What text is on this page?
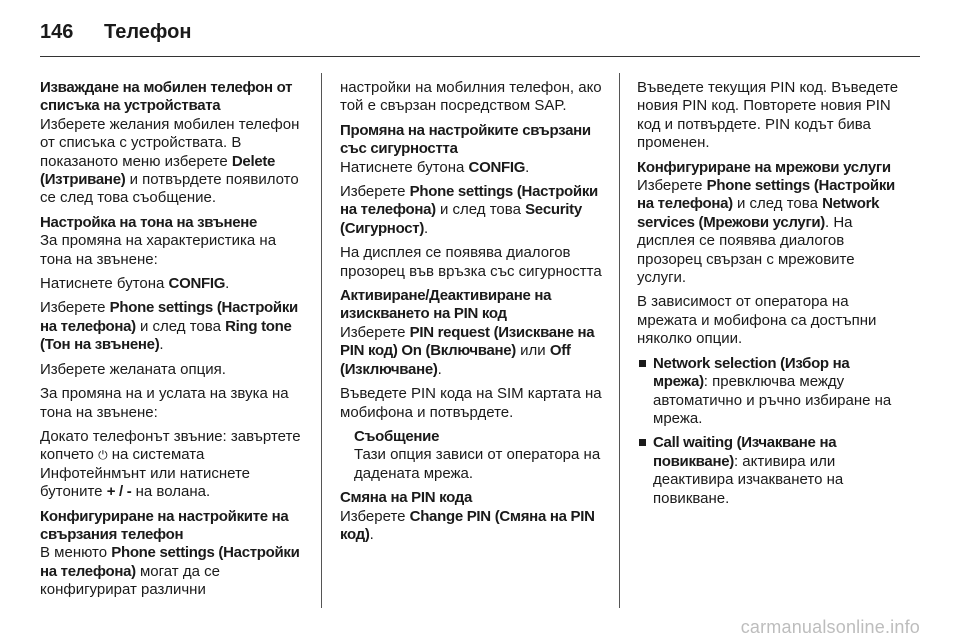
146	Телефон
Изваждане на мобилен телефон от списъка на устройствата

Изберете желания мобилен телефон от списъка с устройствата. В показаното меню изберете Delete (Изтриване) и потвърдете появилото се след това съобщение.

Настройка на тона на звънене

За промяна на характеристика на тона на звънене:

Натиснете бутона CONFIG.

Изберете Phone settings (Настройки на телефона) и след това Ring tone (Тон на звънене).

Изберете желаната опция.

За промяна на и услата на звука на тона на звънене:

Докато телефонът звъние: завъртете копчето ⏻ на системата Инфотейнмънт или натиснете бутоните + / - на волана.

Конфигуриране на настройките на свързания телефон

В менюто Phone settings (Настройки на телефона) могат да се конфигурират различни

настройки на мобилния телефон, ако той е свързан посредством SAP.

Промяна на настройките свързани със сигурността

Натиснете бутона CONFIG.

Изберете Phone settings (Настройки на телефона) и след това Security (Сигурност).

На дисплея се появява диалогов прозорец във връзка със сигурността

Активиране/Деактивиране на изискването на PIN код

Изберете PIN request (Изискване на PIN код) On (Включване) или Off (Изключване).

Въведете PIN кода на SIM картата на мобифона и потвърдете.

Съобщение
Тази опция зависи от оператора на дадената мрежа.
Смяна на PIN кода

Изберете Change PIN (Смяна на PIN код).

Въведете текущия PIN код. Въведете новия PIN код. Повторете новия PIN код и потвърдете. PIN кодът бива променен.

Конфигуриране на мрежови услуги

Изберете Phone settings (Настройки на телефона) и след това Network services (Мрежови услуги). На дисплея се появява диалогов прозорец свързан с мрежовите услуги.

В зависимост от оператора на мрежата и мобифона са достъпни няколко опции.

Network selection (Избор на мрежа): превключва между автоматично и ръчно избиране на мрежа.
Call waiting (Изчакване на повикване): активира или деактивира изчакването на повикване.
carmanualsonline.info
